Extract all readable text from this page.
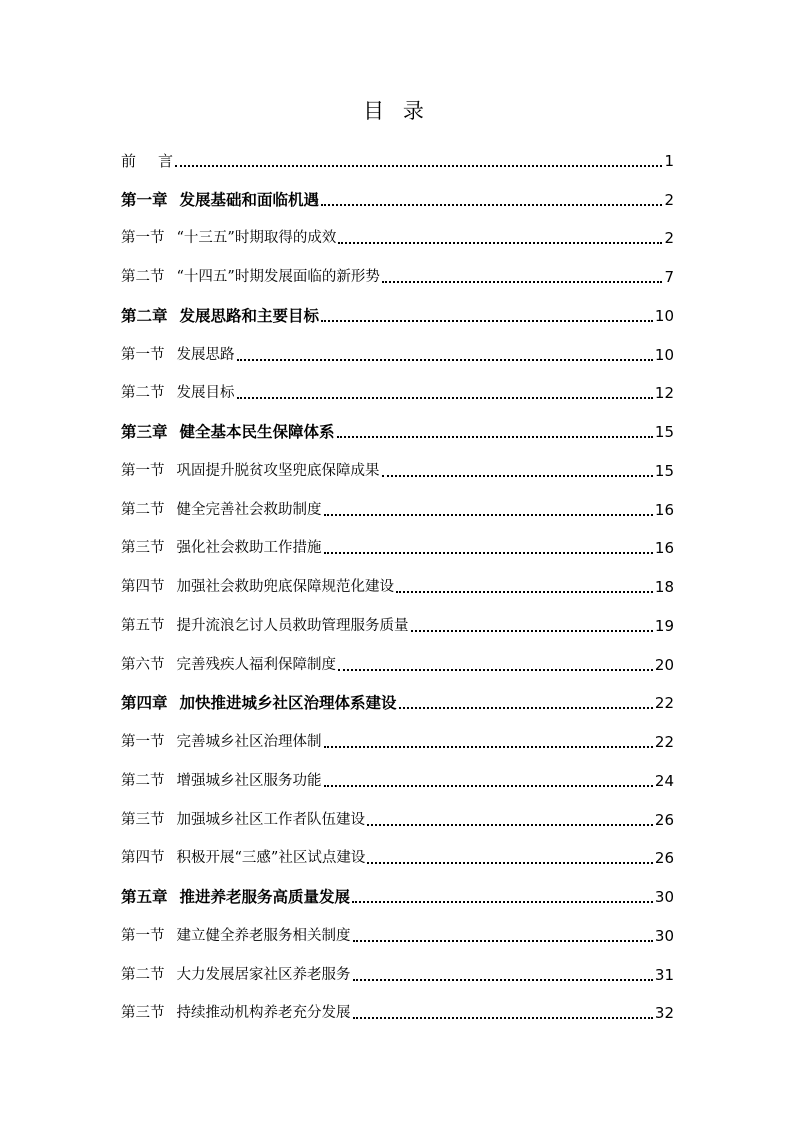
目 录
前 言	1
第一章 发展基础和面临机遇	2
第一节 “十三五”时期取得的成效	2
第二节 “十四五”时期发展面临的新形势	7
第二章 发展思路和主要目标	10
第一节 发展思路	10
第二节 发展目标	12
第三章 健全基本民生保障体系	15
第一节 巩固提升脱贫攻坚兜底保障成果	15
第二节 健全完善社会救助制度	16
第三节 强化社会救助工作措施	16
第四节 加强社会救助兜底保障规范化建设	18
第五节 提升流浪乞讨人员救助管理服务质量	19
第六节 完善残疾人福利保障制度	20
第四章 加快推进城乡社区治理体系建设	22
第一节 完善城乡社区治理体制	22
第二节 增强城乡社区服务功能	24
第三节 加强城乡社区工作者队伍建设	26
第四节 积极开展“三感”社区试点建设	26
第五章 推进养老服务高质量发展	30
第一节 建立健全养老服务相关制度	30
第二节 大力发展居家社区养老服务	31
第三节 持续推动机构养老充分发展	32
